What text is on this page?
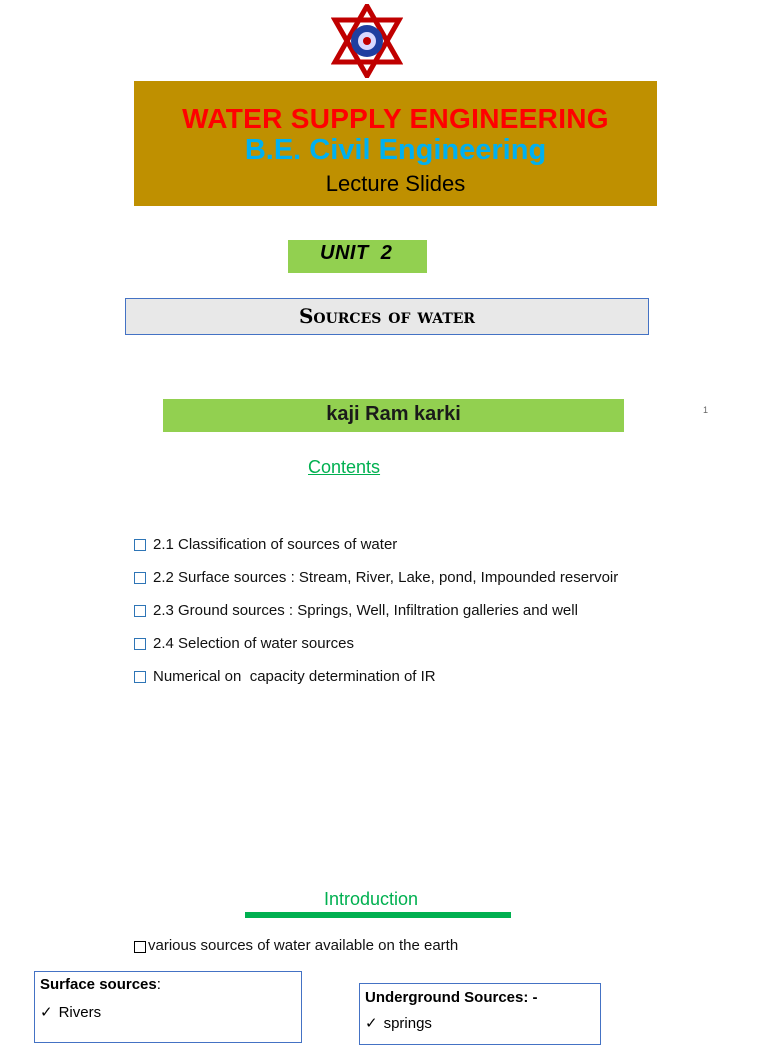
WATER SUPPLY ENGINEERING
B.E. Civil Engineering
Lecture Slides
UNIT  2
Sources of water
kaji Ram karki	1
Contents
2.1 Classification of sources of water
2.2 Surface sources : Stream, River, Lake, pond, Impounded reservoir
2.3 Ground sources : Springs, Well, Infiltration galleries and well
2.4 Selection of water sources
Numerical on  capacity determination of IR
Introduction
various sources of water available on the earth
Surface sources:
✓ Rivers
Underground Sources: -
✓ springs
